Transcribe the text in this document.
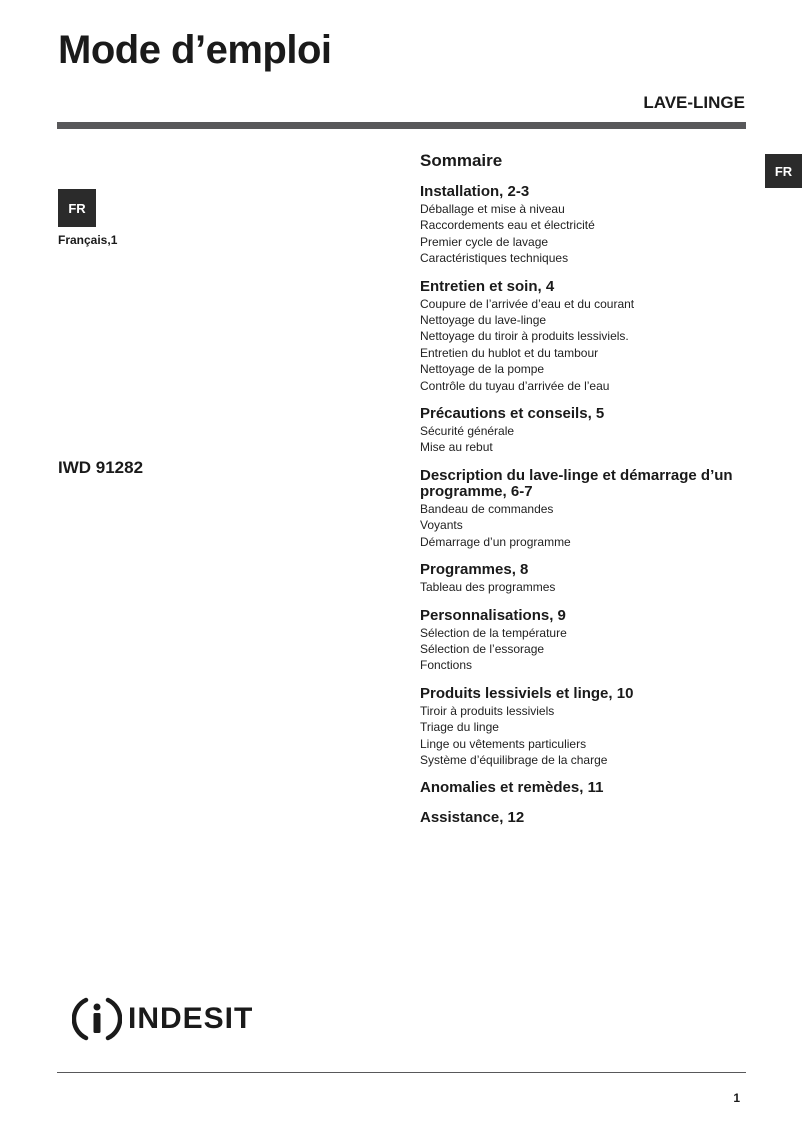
Mode d’emploi
LAVE-LINGE
FR
FR
Français,1
IWD 91282
Sommaire
Installation, 2-3
Déballage et mise à niveau
Raccordements eau et électricité
Premier cycle de lavage
Caractéristiques techniques
Entretien et soin, 4
Coupure de l’arrivée d’eau et du courant
Nettoyage du lave-linge
Nettoyage du tiroir à produits lessiviels.
Entretien du hublot et du tambour
Nettoyage de la pompe
Contrôle du tuyau d’arrivée de l’eau
Précautions et conseils, 5
Sécurité générale
Mise au rebut
Description du lave-linge et démarrage d’un programme, 6-7
Bandeau de commandes
Voyants
Démarrage d’un programme
Programmes, 8
Tableau des programmes
Personnalisations, 9
Sélection de la température
Sélection de l’essorage
Fonctions
Produits lessiviels et linge, 10
Tiroir à produits lessiviels
Triage du linge
Linge ou vêtements particuliers
Système d’équilibrage de la charge
Anomalies et remèdes, 11
Assistance, 12
INDESIT
1
